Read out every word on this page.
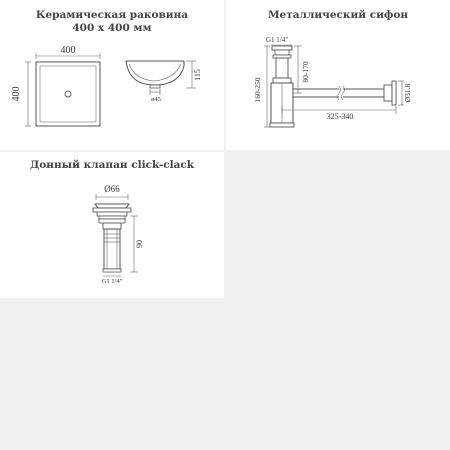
Керамическая раковина
400 x 400 мм
400
400
115
ø45
Металлический сифон
G1 1/4"
Ø31.8
80-170
160-250
325-340
Донный клапан click-clack
Ø66
90
G1 1/4"
